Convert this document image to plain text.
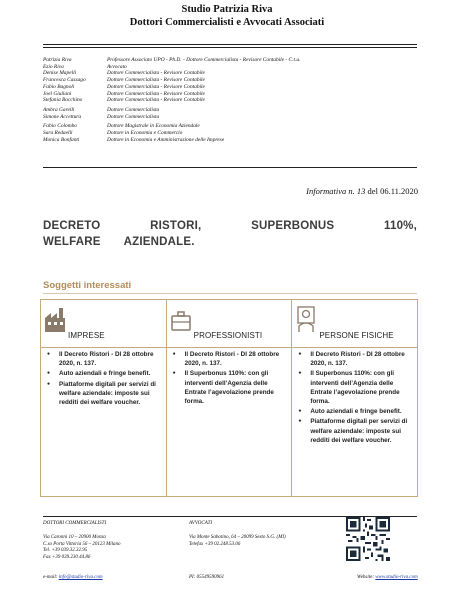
Studio Patrizia Riva
Dottori Commercialisti e Avvocati Associati
Patrizia Riva	Professore Associato UPO - Ph.D. - Dottore Commercialista - Revisore Contabile - C.t.u.
Ezio Riva	Avvocato
Denise Mapelli	Dottore Commercialista - Revisore Contabile
Francesca Cassago	Dottore Commercialista - Revisore Contabile
Fabio Bagnoli	Dottore Commercialista - Revisore Contabile
Joel Giuliani	Dottore Commercialista - Revisore Contabile
Stefania Bocchino	Dottore Commercialista - Revisore Contabile
Ambra Garelli	Dottore Commercialista
Simone Accettura	Dottore Commercialista
Fabio Colombo	Dottore Magistrale in Economia Aziendale
Sara Redaelli	Dottore in Economia e Commercio
Monica Bonfanti	Dottore in Economia e Amministrazione delle Imprese
Informativa n. 13 del 06.11.2020
DECRETO RISTORI, SUPERBONUS 110%, WELFARE AZIENDALE.
Soggetti interessati
IMPRESE
● Il Decreto Ristori - DI 28 ottobre 2020, n. 137.
● Auto aziendali e fringe benefit.
● Piattaforme digitali per servizi di welfare aziendale: imposte sui redditi dei welfare voucher.
PROFESSIONISTI
● Il Decreto Ristori - DI 28 ottobre 2020, n. 137.
● Il Superbonus 110%: con gli interventi dell’Agenzia delle Entrate l’agevolazione prende forma.
PERSONE FISICHE
● Il Decreto Ristori - DI 28 ottobre 2020, n. 137.
● Il Superbonus 110%: con gli interventi dell’Agenzia delle Entrate l’agevolazione prende forma.
● Auto aziendali e fringe benefit.
● Piattaforme digitali per servizi di welfare aziendale: imposte sui redditi dei welfare voucher.
DOTTORI COMMERCIALISTI
Via Caronni 10 – 20900 Monza
C.so Porta Vittoria 56 – 20123 Milano
Tel. +39 039.32.32.95
Fax +39 039.230.44.86
AVVOCATI
Via Monte Sabotino, 64 – 20099 Sesto S.G. (MI)
Telefax +39 02.248.53.06
e-mail: info@studio-riva.com	PI: 05549590961	Website: www.studio-riva.com
